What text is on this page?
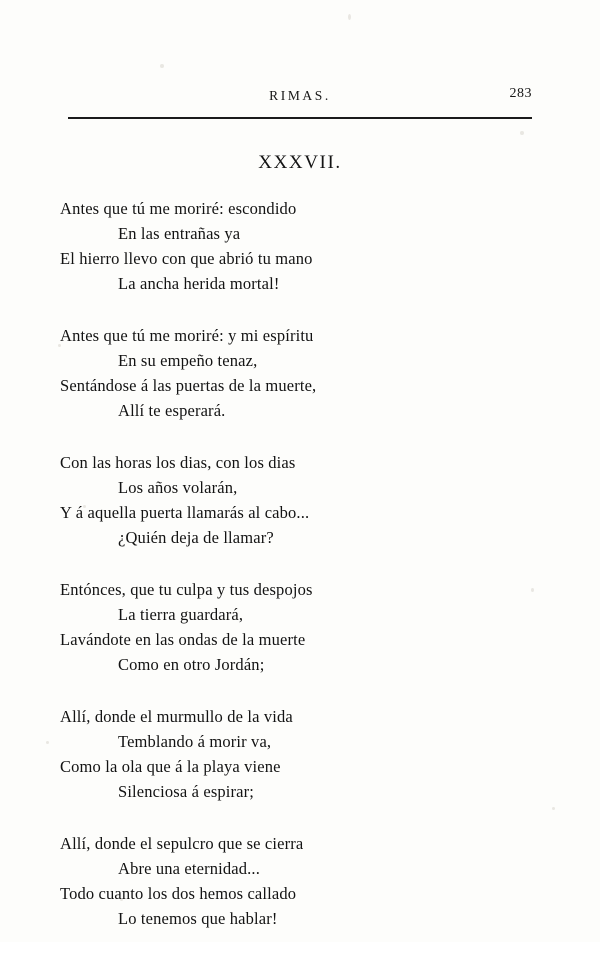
RIMAS.	283
XXXVII.
Antes que tú me moriré: escondido
En las entrañas ya
El hierro llevo con que abrió tu mano
La ancha herida mortal!
Antes que tú me moriré: y mi espíritu
En su empeño tenaz,
Sentándose á las puertas de la muerte,
Allí te esperará.
Con las horas los dias, con los dias
Los años volarán,
Y á aquella puerta llamarás al cabo...
¿Quién deja de llamar?
Entónces, que tu culpa y tus despojos
La tierra guardará,
Lavándote en las ondas de la muerte
Como en otro Jordán;
Allí, donde el murmullo de la vida
Temblando á morir va,
Como la ola que á la playa viene
Silenciosa á espirar;
Allí, donde el sepulcro que se cierra
Abre una eternidad...
Todo cuanto los dos hemos callado
Lo tenemos que hablar!
